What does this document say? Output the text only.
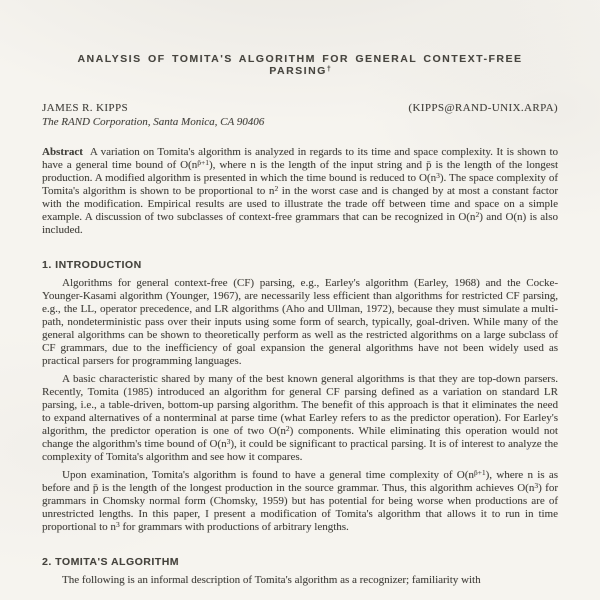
ANALYSIS OF TOMITA'S ALGORITHM FOR GENERAL CONTEXT-FREE PARSING†
JAMES R. KIPPS	(KIPPS@RAND-UNIX.ARPA)
The RAND Corporation, Santa Monica, CA 90406

Abstract A variation on Tomita's algorithm is analyzed in regards to its time and space complexity. It is shown to have a general time bound of $O(n^{p̄+1})$, where n is the length of the input string and p̄ is the length of the longest production. A modified algorithm is presented in which the time bound is reduced to $O(n^3)$. The space complexity of Tomita's algorithm is shown to be proportional to $n^2$ in the worst case and is changed by at most a constant factor with the modification. Empirical results are used to illustrate the trade off between time and space on a simple example. A discussion of two subclasses of context-free grammars that can be recognized in $O(n^2)$ and O(n) is also included.

1. INTRODUCTION

Algorithms for general context-free (CF) parsing, e.g., Earley's algorithm (Earley, 1968) and the Cocke-Younger-Kasami algorithm (Younger, 1967), are necessarily less efficient than algorithms for restricted CF parsing, e.g., the LL, operator precedence, and LR algorithms (Aho and Ullman, 1972), because they must simulate a multi-path, nondeterministic pass over their inputs using some form of search, typically, goal-driven. While many of the general algorithms can be shown to theoretically perform as well as the restricted algorithms on a large subclass of CF grammars, due to the inefficiency of goal expansion the general algorithms have not been widely used as practical parsers for programming languages.

A basic characteristic shared by many of the best known general algorithms is that they are top-down parsers. Recently, Tomita (1985) introduced an algorithm for general CF parsing defined as a variation on standard LR parsing, i.e., a table-driven, bottom-up parsing algorithm. The benefit of this approach is that it eliminates the need to expand alternatives of a nonterminal at parse time (what Earley refers to as the predictor operation). For Earley's algorithm, the predictor operation is one of two $O(n^2)$ components. While eliminating this operation would not change the algorithm's time bound of $O(n^3)$, it could be significant to practical parsing. It is of interest to analyze the complexity of Tomita's algorithm and see how it compares.

Upon examination, Tomita's algorithm is found to have a general time complexity of $O(n^{p̄+1})$, where n is as before and p̄ is the length of the longest production in the source grammar. Thus, this algorithm achieves $O(n^3)$ for grammars in Chomsky normal form (Chomsky, 1959) but has potential for being worse when productions are of unrestricted lengths. In this paper, I present a modification of Tomita's algorithm that allows it to run in time proportional to $n^3$ for grammars with productions of arbitrary lengths.

2. TOMITA'S ALGORITHM

The following is an informal description of Tomita's algorithm as a recognizer; familiarity with
